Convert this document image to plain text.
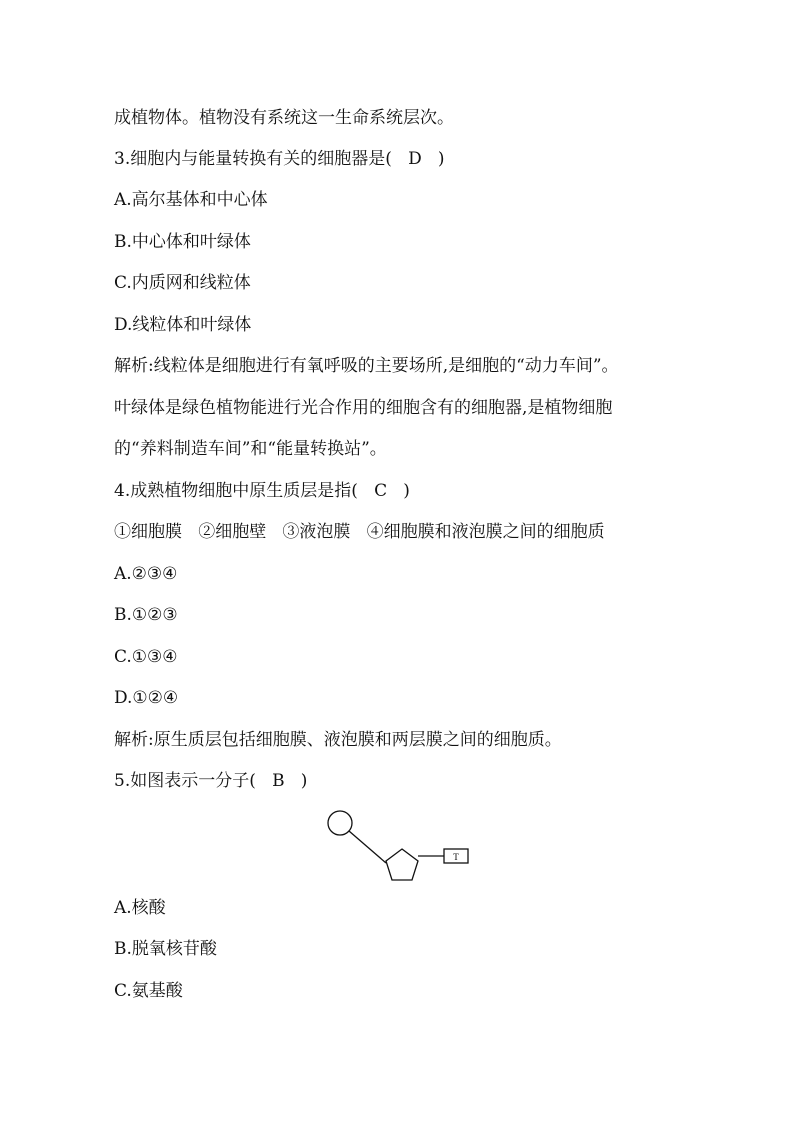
成植物体。植物没有系统这一生命系统层次。
3.细胞内与能量转换有关的细胞器是(   D   )
A.高尔基体和中心体
B.中心体和叶绿体
C.内质网和线粒体
D.线粒体和叶绿体
解析:线粒体是细胞进行有氧呼吸的主要场所,是细胞的“动力车间”。
叶绿体是绿色植物能进行光合作用的细胞含有的细胞器,是植物细胞
的“养料制造车间”和“能量转换站”。
4.成熟植物细胞中原生质层是指(   C   )
①细胞膜   ②细胞壁   ③液泡膜   ④细胞膜和液泡膜之间的细胞质
A.②③④
B.①②③
C.①③④
D.①②④
解析:原生质层包括细胞膜、液泡膜和两层膜之间的细胞质。
5.如图表示一分子(   B   )
T
A.核酸
B.脱氧核苷酸
C.氨基酸
